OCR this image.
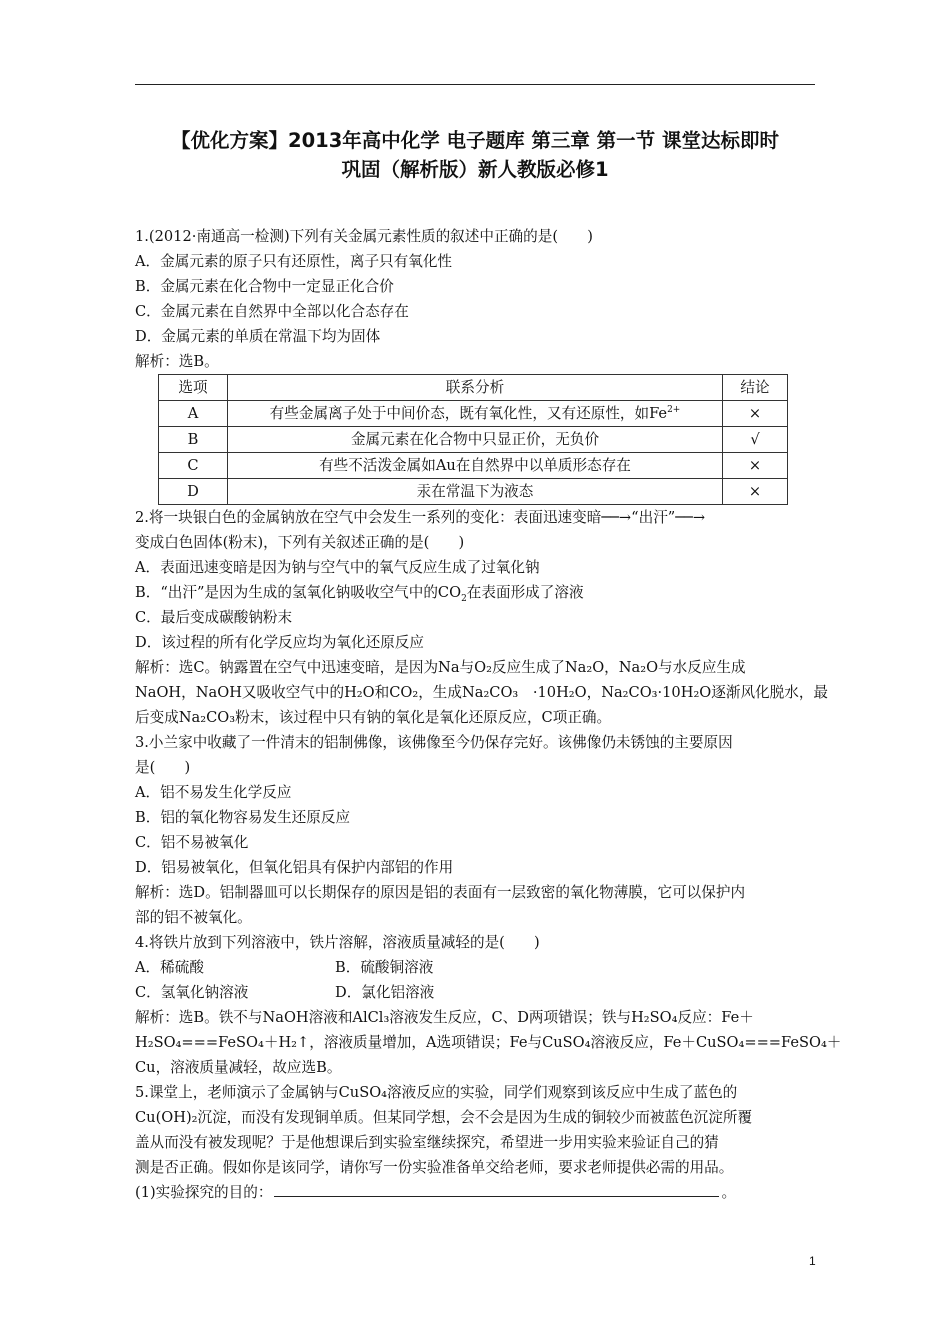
【优化方案】2013年高中化学 电子题库 第三章 第一节 课堂达标即时
巩固（解析版）新人教版必修1
1.(2012·南通高一检测)下列有关金属元素性质的叙述中正确的是(　　)
A．金属元素的原子只有还原性，离子只有氧化性
B．金属元素在化合物中一定显正化合价
C．金属元素在自然界中全部以化合态存在
D．金属元素的单质在常温下均为固体
解析：选B。
选项	联系分析	结论
A	有些金属离子处于中间价态，既有氧化性，又有还原性，如$Fe^{2+}$	×
B	金属元素在化合物中只显正价，无负价	√
C	有些不活泼金属如Au在自然界中以单质形态存在	×
D	汞在常温下为液态	×
2.将一块银白色的金属钠放在空气中会发生一系列的变化：表面迅速变暗──→“出汗”──→
变成白色固体(粉末)，下列有关叙述正确的是(　　)
A．表面迅速变暗是因为钠与空气中的氧气反应生成了过氧化钠
B．“出汗”是因为生成的氢氧化钠吸收空气中的$CO_2$在表面形成了溶液
C．最后变成碳酸钠粉末
D．该过程的所有化学反应均为氧化还原反应
解析：选C。钠露置在空气中迅速变暗，是因为Na与O₂反应生成了Na₂O，Na₂O与水反应生成
NaOH，NaOH又吸收空气中的H₂O和CO₂，生成Na₂CO₃　·10H₂O，Na₂CO₃·10H₂O逐渐风化脱水，最
后变成Na₂CO₃粉末，该过程中只有钠的氧化是氧化还原反应，C项正确。
3.小兰家中收藏了一件清末的铝制佛像，该佛像至今仍保存完好。该佛像仍未锈蚀的主要原因
是(　　)
A．铝不易发生化学反应
B．铝的氧化物容易发生还原反应
C．铝不易被氧化
D．铝易被氧化，但氧化铝具有保护内部铝的作用
解析：选D。铝制器皿可以长期保存的原因是铝的表面有一层致密的氧化物薄膜，它可以保护内
部的铝不被氧化。
4.将铁片放到下列溶液中，铁片溶解，溶液质量减轻的是(　　)
A．稀硫酸	B．硫酸铜溶液
C．氢氧化钠溶液	D．氯化铝溶液
解析：选B。铁不与NaOH溶液和AlCl₃溶液发生反应，C、D两项错误；铁与H₂SO₄反应：Fe＋
H₂SO₄===FeSO₄＋H₂↑，溶液质量增加，A选项错误；Fe与CuSO₄溶液反应，Fe＋CuSO₄===FeSO₄＋
Cu，溶液质量减轻，故应选B。
5.课堂上，老师演示了金属钠与CuSO₄溶液反应的实验，同学们观察到该反应中生成了蓝色的
Cu(OH)₂沉淀，而没有发现铜单质。但某同学想，会不会是因为生成的铜较少而被蓝色沉淀所覆
盖从而没有被发现呢？于是他想课后到实验室继续探究，希望进一步用实验来验证自己的猜
测是否正确。假如你是该同学，请你写一份实验准备单交给老师，要求老师提供必需的用品。
(1)实验探究的目的：	。
1
